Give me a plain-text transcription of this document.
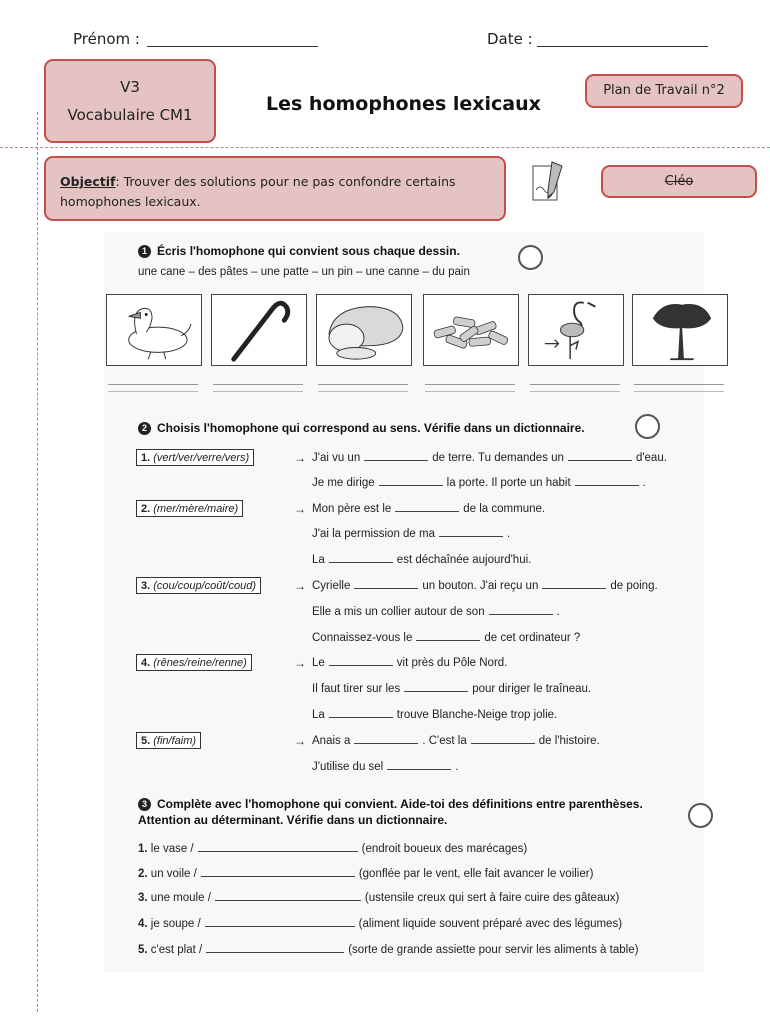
Prénom :	Date :
V3
Vocabulaire CM1	Les homophones lexicaux
Plan de Travail n°2
Objectif: Trouver des solutions pour ne pas confondre certains homophones lexicaux.
Cléo
1 Écris l'homophone qui convient sous chaque dessin.
une cane – des pâtes – une patte – un pin – une canne – du pain
2 Choisis l'homophone qui correspond au sens. Vérifie dans un dictionnaire.
1. (vert/ver/verre/vers)	→ J'ai vu un	de terre. Tu demandes un	d'eau.
Je me dirige	la porte. Il porte un habit	.
2. (mer/mère/maire)	→ Mon père est le	de la commune.
J'ai la permission de ma	.
La	est déchaînée aujourd'hui.
3. (cou/coup/coût/coud)	→ Cyrielle	un bouton. J'ai reçu un	de poing.
Elle a mis un collier autour de son	.
Connaissez-vous le	de cet ordinateur ?
4. (rênes/reine/renne)	→ Le	vit près du Pôle Nord.
Il faut tirer sur les	pour diriger le traîneau.
La	trouve Blanche-Neige trop jolie.
5. (fin/faim)	→ Anais a	. C'est la	de l'histoire.
J'utilise du sel	.
3 Complète avec l'homophone qui convient. Aide-toi des définitions entre parenthèses.
Attention au déterminant. Vérifie dans un dictionnaire.
1. le vase /	(endroit boueux des marécages)
2. un voile /	(gonflée par le vent, elle fait avancer le voilier)
3. une moule /	(ustensile creux qui sert à faire cuire des gâteaux)
4. je soupe /	(aliment liquide souvent préparé avec des légumes)
5. c'est plat /	(sorte de grande assiette pour servir les aliments à table)
